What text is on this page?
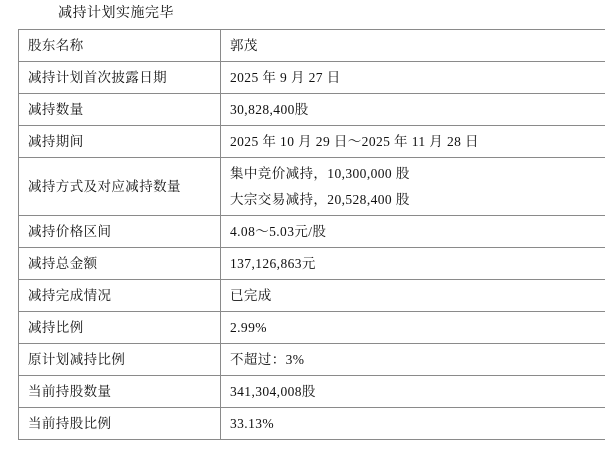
减持计划实施完毕
股东名称	郭茂

减持计划首次披露日期	2025 年 9 月 27 日

减持数量	30,828,400股

减持期间	2025 年 10 月 29 日～2025 年 11 月 28 日

减持方式及对应减持数量	集中竞价减持，10,300,000 股
大宗交易减持，20,528,400 股

减持价格区间	4.08～5.03元/股

减持总金额	137,126,863元

减持完成情况	已完成

减持比例	2.99%

原计划减持比例	不超过：3%

当前持股数量	341,304,008股

当前持股比例	33.13%
